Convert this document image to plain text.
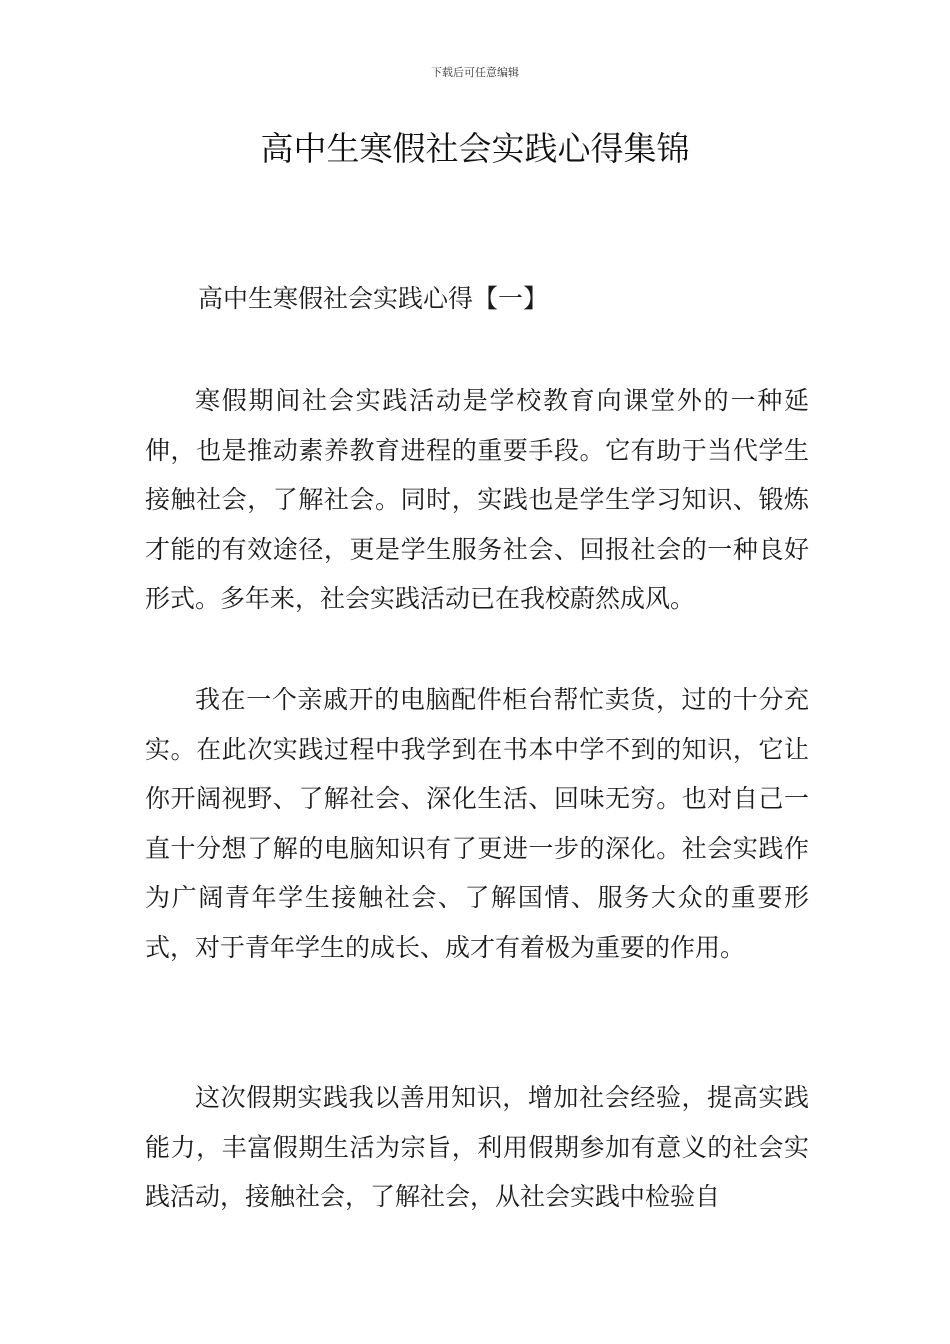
下载后可任意编辑
高中生寒假社会实践心得集锦
高中生寒假社会实践心得【一】

寒假期间社会实践活动是学校教育向课堂外的一种延伸，也是推动素养教育进程的重要手段。它有助于当代学生接触社会，了解社会。同时，实践也是学生学习知识、锻炼才能的有效途径，更是学生服务社会、回报社会的一种良好形式。多年来，社会实践活动已在我校蔚然成风。

我在一个亲戚开的电脑配件柜台帮忙卖货，过的十分充实。在此次实践过程中我学到在书本中学不到的知识，它让你开阔视野、了解社会、深化生活、回味无穷。也对自己一直十分想了解的电脑知识有了更进一步的深化。社会实践作为广阔青年学生接触社会、了解国情、服务大众的重要形式，对于青年学生的成长、成才有着极为重要的作用。

这次假期实践我以善用知识，增加社会经验，提高实践能力，丰富假期生活为宗旨，利用假期参加有意义的社会实践活动，接触社会，了解社会，从社会实践中检验自
